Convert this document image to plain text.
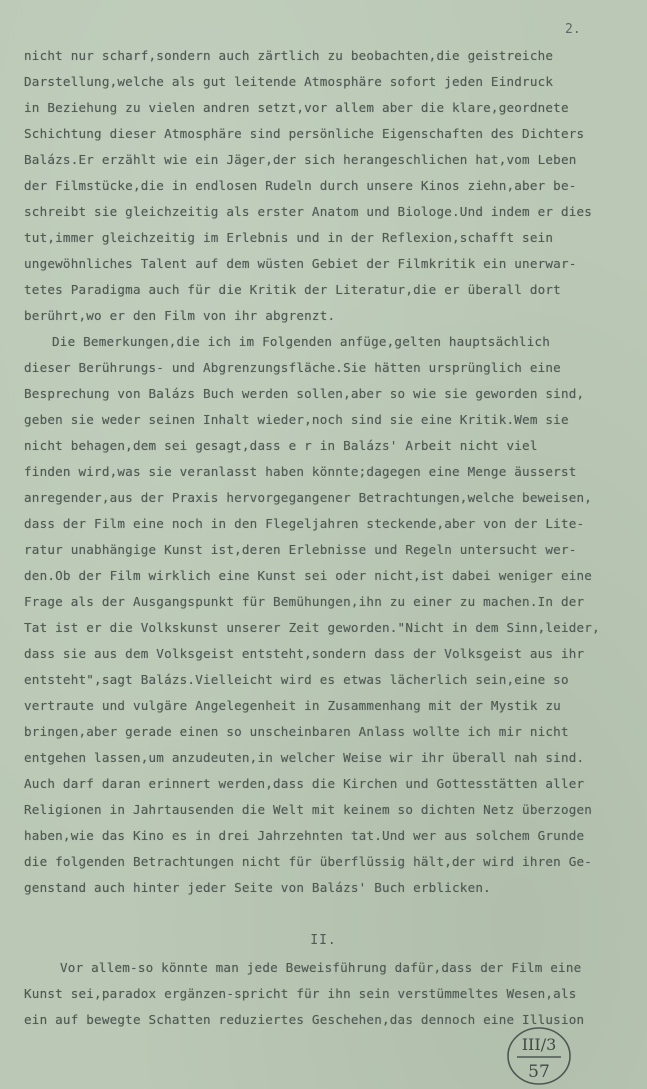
2.
nicht nur scharf,sondern auch zärtlich zu beobachten,die geistreiche
Darstellung,welche als gut leitende Atmosphäre sofort jeden Eindruck
in Beziehung zu vielen andren setzt,vor allem aber die klare,geordnete
Schichtung dieser Atmosphäre sind persönliche Eigenschaften des Dichters
Balázs.Er erzählt wie ein Jäger,der sich herangeschlichen hat,vom Leben
der Filmstücke,die in endlosen Rudeln durch unsere Kinos ziehn,aber be-
schreibt sie gleichzeitig als erster Anatom und Biologe.Und indem er dies
tut,immer gleichzeitig im Erlebnis und in der Reflexion,schafft sein
ungewöhnliches Talent auf dem wüsten Gebiet der Filmkritik ein unerwar-
tetes Paradigma auch für die Kritik der Literatur,die er überall dort
berührt,wo er den Film von ihr abgrenzt.
Die Bemerkungen,die ich im Folgenden anfüge,gelten hauptsächlich
dieser Berührungs- und Abgrenzungsfläche.Sie hätten ursprünglich eine
Besprechung von Balázs Buch werden sollen,aber so wie sie geworden sind,
geben sie weder seinen Inhalt wieder,noch sind sie eine Kritik.Wem sie
nicht behagen,dem sei gesagt,dass e r in Balázs' Arbeit nicht viel
finden wird,was sie veranlasst haben könnte;dagegen eine Menge äusserst
anregender,aus der Praxis hervorgegangener Betrachtungen,welche beweisen,
dass der Film eine noch in den Flegeljahren steckende,aber von der Lite-
ratur unabhängige Kunst ist,deren Erlebnisse und Regeln untersucht wer-
den.Ob der Film wirklich eine Kunst sei oder nicht,ist dabei weniger eine
Frage als der Ausgangspunkt für Bemühungen,ihn zu einer zu machen.In der
Tat ist er die Volkskunst unserer Zeit geworden."Nicht in dem Sinn,leider,
dass sie aus dem Volksgeist entsteht,sondern dass der Volksgeist aus ihr
entsteht",sagt Balázs.Vielleicht wird es etwas lächerlich sein,eine so
vertraute und vulgäre Angelegenheit in Zusammenhang mit der Mystik zu
bringen,aber gerade einen so unscheinbaren Anlass wollte ich mir nicht
entgehen lassen,um anzudeuten,in welcher Weise wir ihr überall nah sind.
Auch darf daran erinnert werden,dass die Kirchen und Gottesstätten aller
Religionen in Jahrtausenden die Welt mit keinem so dichten Netz überzogen
haben,wie das Kino es in drei Jahrzehnten tat.Und wer aus solchem Grunde
die folgenden Betrachtungen nicht für überflüssig hält,der wird ihren Ge-
genstand auch hinter jeder Seite von Balázs' Buch erblicken.
II.
Vor allem-so könnte man jede Beweisführung dafür,dass der Film eine
Kunst sei,paradox ergänzen-spricht für ihn sein verstümmeltes Wesen,als
ein auf bewegte Schatten reduziertes Geschehen,das dennoch eine Illusion
III/3
57
